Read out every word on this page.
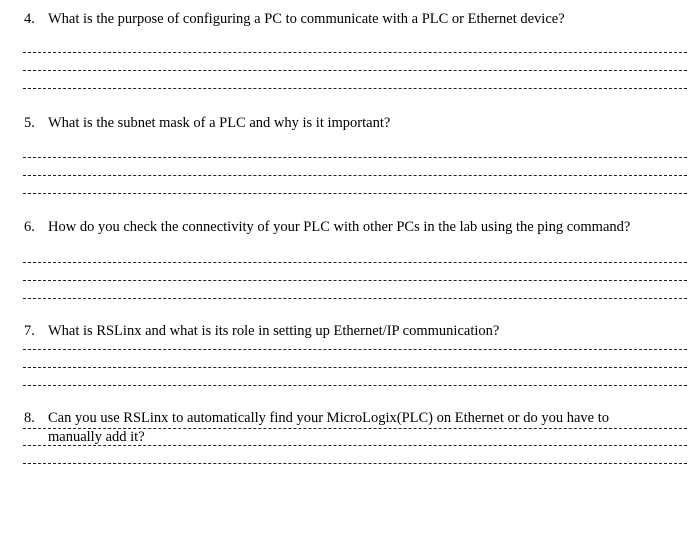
4. What is the purpose of configuring a PC to communicate with a PLC or Ethernet device?
5. What is the subnet mask of a PLC and why is it important?
6. How do you check the connectivity of your PLC with other PCs in the lab using the ping command?
7. What is RSLinx and what is its role in setting up Ethernet/IP communication?
8. Can you use RSLinx to automatically find your MicroLogix(PLC) on Ethernet or do you have to manually add it?
